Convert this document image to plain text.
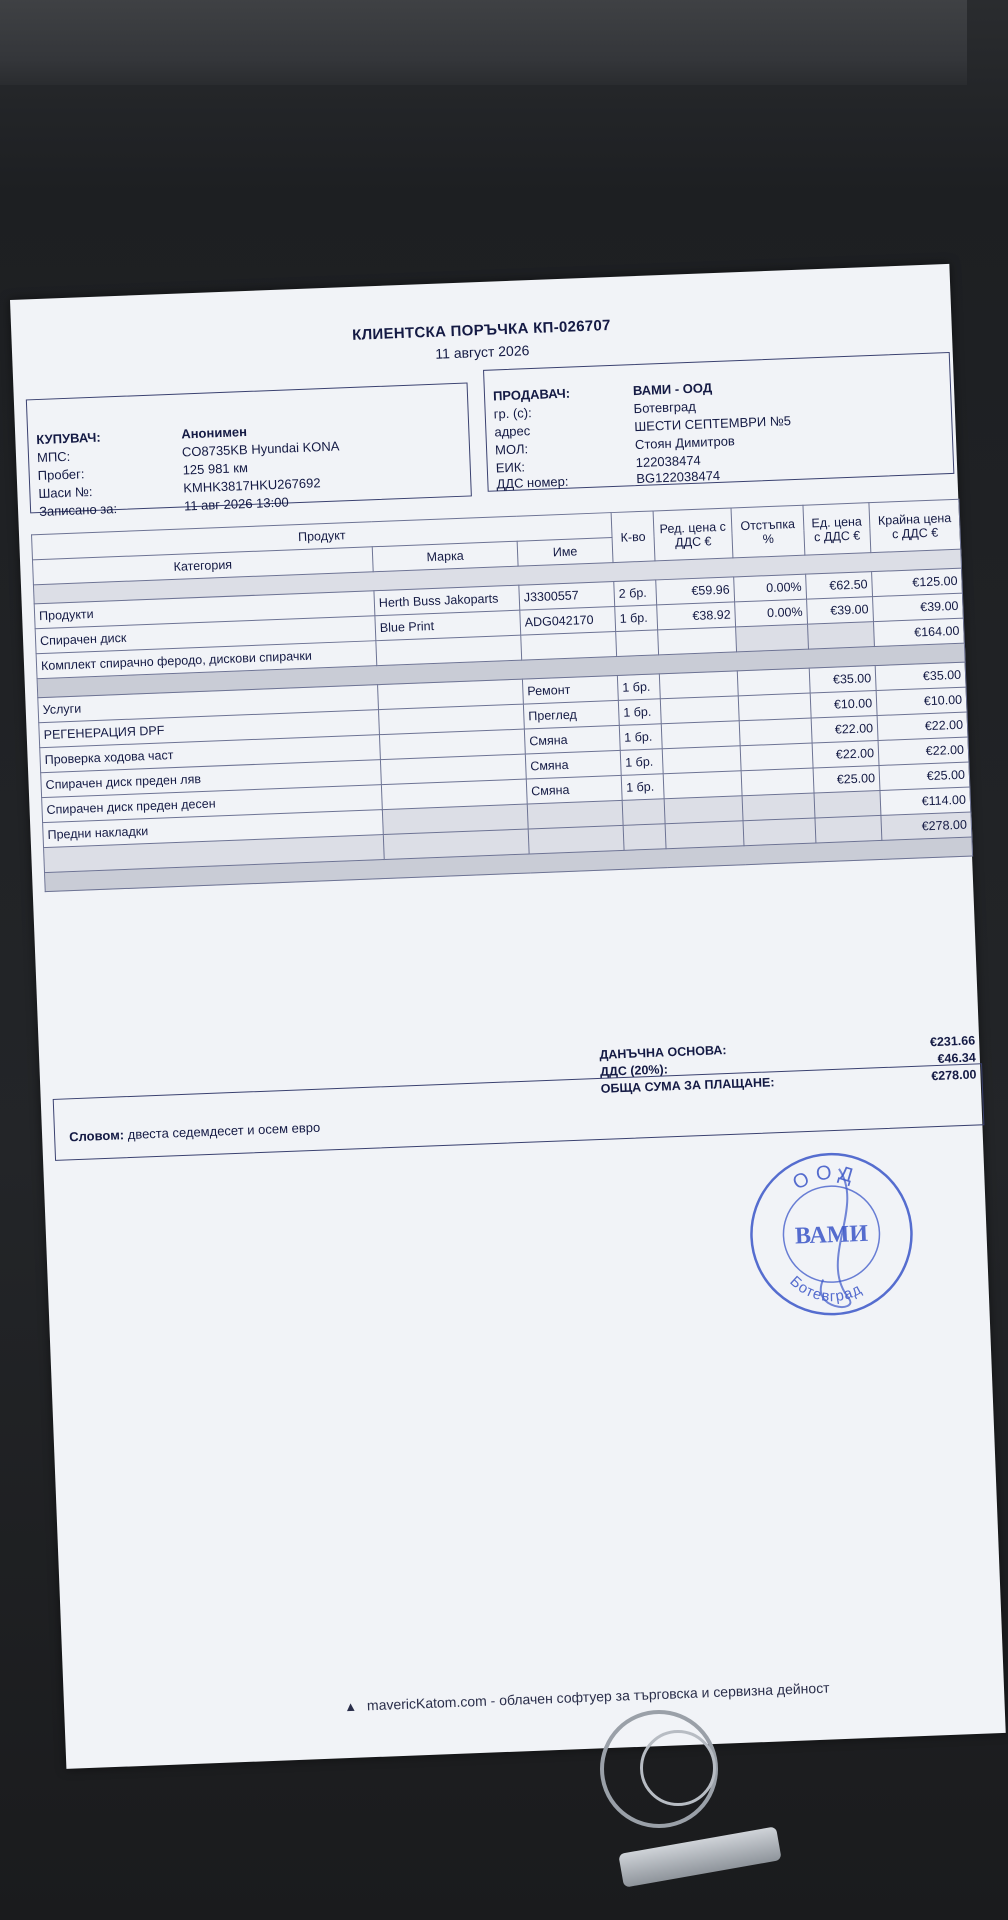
КЛИЕНТСКА ПОРЪЧКА КП-026707
11 август 2026
КУПУВАЧ:	Анонимен
МПС:	CO8735KB Hyundai KONA
Пробег:	125 981 км
Шаси №:	KMHK3817HKU267692
Записано за:	11 авг 2026 13:00
ПРОДАВАЧ:	ВАМИ - ООД
гр. (с):	Ботевград
адрес	ШЕСТИ СЕПТЕМВРИ №5
МОЛ:	Стоян Димитров
ЕИК:	122038474
ДДС номер:	BG122038474
Продукт			К-во	Ред. цена с ДДС €	Отстъпка %	Ед. цена с ДДС €	Крайна цена с ДДС €
Категория	Марка	Име					

Продукти	Herth Buss Jakoparts	J3300557	2 бр.	€59.96	0.00%	€62.50	€125.00
Спирачен диск	Blue Print	ADG042170	1 бр.	€38.92	0.00%	€39.00	€39.00
Комплект спирачно феродо, дискови спирачки							€164.00

Услуги		Ремонт	1 бр.			€35.00	€35.00
РЕГЕНЕРАЦИЯ DPF		Преглед	1 бр.			€10.00	€10.00
Проверка ходова част		Смяна	1 бр.			€22.00	€22.00
Спирачен диск преден ляв		Смяна	1 бр.			€22.00	€22.00
Спирачен диск преден десен		Смяна	1 бр.			€25.00	€25.00
Предни накладки							€114.00
							€278.00

ДАНЪЧНА ОСНОВА:
€231.66
ДДС (20%):
€46.34
ОБЩА СУМА ЗА ПЛАЩАНЕ:	€278.00
Словом: двеста седемдесет и осем евро
ООД
ВАМИ
Ботевград
▲ mavericKatom.com - облачен софтуер за търговска и сервизна дейност
